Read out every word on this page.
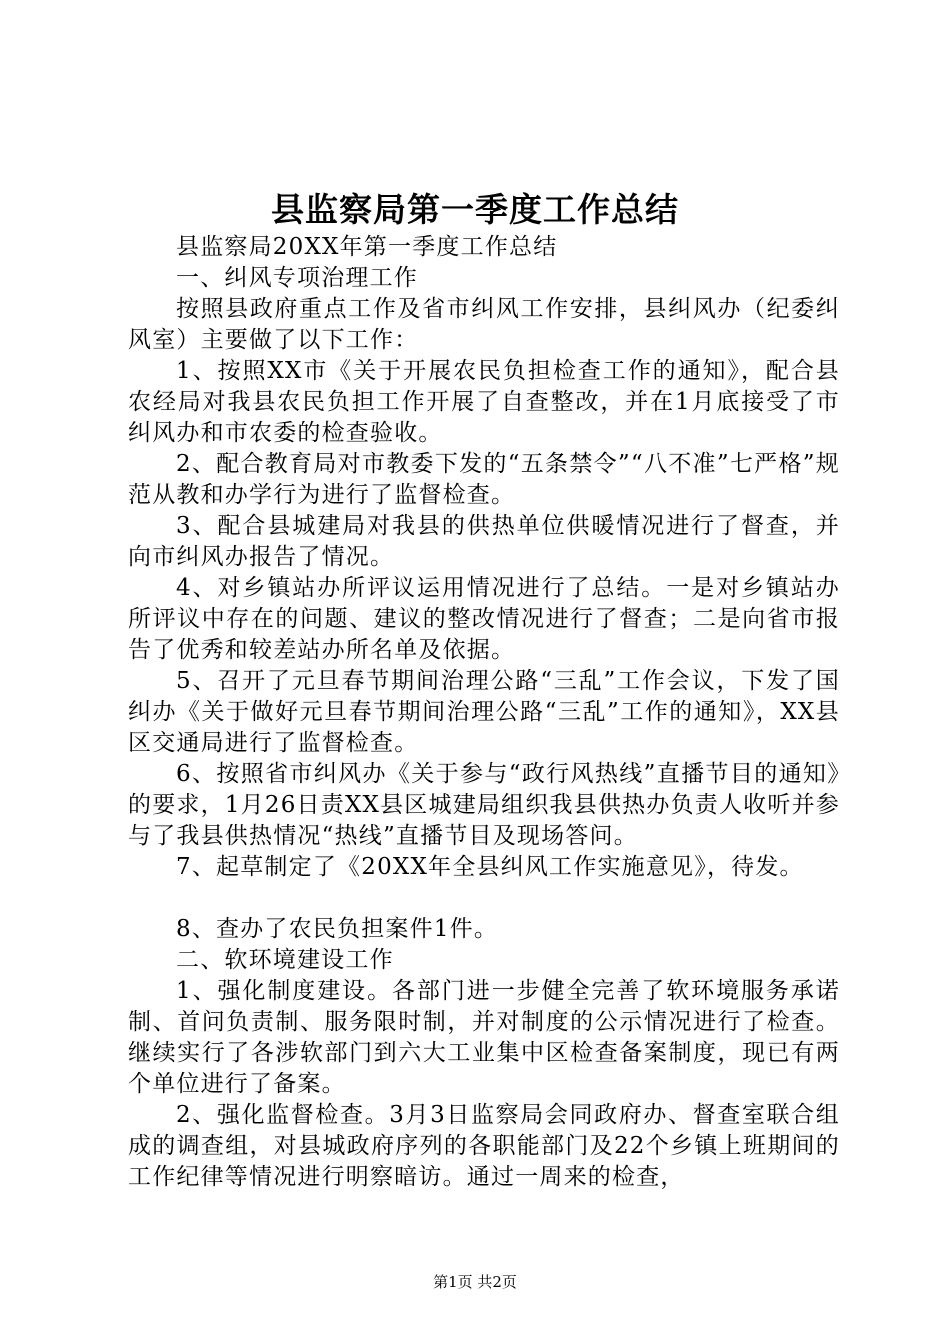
县监察局第一季度工作总结

县监察局20XX年第一季度工作总结

一、纠风专项治理工作

按照县政府重点工作及省市纠风工作安排，县纠风办（纪委纠风室）主要做了以下工作：

1、按照XX市《关于开展农民负担检查工作的通知》，配合县农经局对我县农民负担工作开展了自查整改，并在1月底接受了市纠风办和市农委的检查验收。

2、配合教育局对市教委下发的“五条禁令”“八不准”七严格”规范从教和办学行为进行了监督检查。

3、配合县城建局对我县的供热单位供暖情况进行了督查，并向市纠风办报告了情况。

4、对乡镇站办所评议运用情况进行了总结。一是对乡镇站办所评议中存在的问题、建议的整改情况进行了督查；二是向省市报告了优秀和较差站办所名单及依据。

5、召开了元旦春节期间治理公路“三乱”工作会议，下发了国纠办《关于做好元旦春节期间治理公路“三乱”工作的通知》，XX县区交通局进行了监督检查。

6、按照省市纠风办《关于参与“政行风热线”直播节目的通知》的要求，1月26日责XX县区城建局组织我县供热办负责人收听并参与了我县供热情况“热线”直播节目及现场答问。

7、起草制定了《20XX年全县纠风工作实施意见》，待发。

8、查办了农民负担案件1件。

二、软环境建设工作

1、强化制度建设。各部门进一步健全完善了软环境服务承诺制、首问负责制、服务限时制，并对制度的公示情况进行了检查。继续实行了各涉软部门到六大工业集中区检查备案制度，现已有两个单位进行了备案。

2、强化监督检查。3月3日监察局会同政府办、督查室联合组成的调查组，对县城政府序列的各职能部门及22个乡镇上班期间的工作纪律等情况进行明察暗访。通过一周来的检查，

第1页 共2页
